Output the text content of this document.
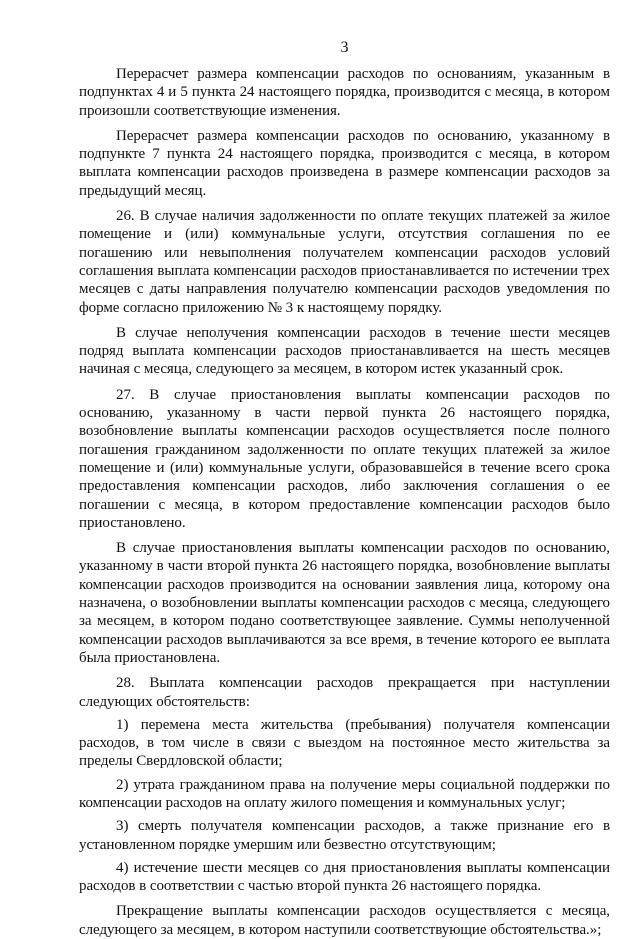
3

Перерасчет размера компенсации расходов по основаниям, указанным в подпунктах 4 и 5 пункта 24 настоящего порядка, производится с месяца, в котором произошли соответствующие изменения.

Перерасчет размера компенсации расходов по основанию, указанному в подпункте 7 пункта 24 настоящего порядка, производится с месяца, в котором выплата компенсации расходов произведена в размере компенсации расходов за предыдущий месяц.

26. В случае наличия задолженности по оплате текущих платежей за жилое помещение и (или) коммунальные услуги, отсутствия соглашения по ее погашению или невыполнения получателем компенсации расходов условий соглашения выплата компенсации расходов приостанавливается по истечении трех месяцев с даты направления получателю компенсации расходов уведомления по форме согласно приложению № 3 к настоящему порядку.

В случае неполучения компенсации расходов в течение шести месяцев подряд выплата компенсации расходов приостанавливается на шесть месяцев начиная с месяца, следующего за месяцем, в котором истек указанный срок.

27. В случае приостановления выплаты компенсации расходов по основанию, указанному в части первой пункта 26 настоящего порядка, возобновление выплаты компенсации расходов осуществляется после полного погашения гражданином задолженности по оплате текущих платежей за жилое помещение и (или) коммунальные услуги, образовавшейся в течение всего срока предоставления компенсации расходов, либо заключения соглашения о ее погашении с месяца, в котором предоставление компенсации расходов было приостановлено.

В случае приостановления выплаты компенсации расходов по основанию, указанному в части второй пункта 26 настоящего порядка, возобновление выплаты компенсации расходов производится на основании заявления лица, которому она назначена, о возобновлении выплаты компенсации расходов с месяца, следующего за месяцем, в котором подано соответствующее заявление. Суммы неполученной компенсации расходов выплачиваются за все время, в течение которого ее выплата была приостановлена.

28. Выплата компенсации расходов прекращается при наступлении следующих обстоятельств:

1) перемена места жительства (пребывания) получателя компенсации расходов, в том числе в связи с выездом на постоянное место жительства за пределы Свердловской области;

2) утрата гражданином права на получение меры социальной поддержки по компенсации расходов на оплату жилого помещения и коммунальных услуг;

3) смерть получателя компенсации расходов, а также признание его в установленном порядке умершим или безвестно отсутствующим;

4) истечение шести месяцев со дня приостановления выплаты компенсации расходов в соответствии с частью второй пункта 26 настоящего порядка.

Прекращение выплаты компенсации расходов осуществляется с месяца, следующего за месяцем, в котором наступили соответствующие обстоятельства.»;
